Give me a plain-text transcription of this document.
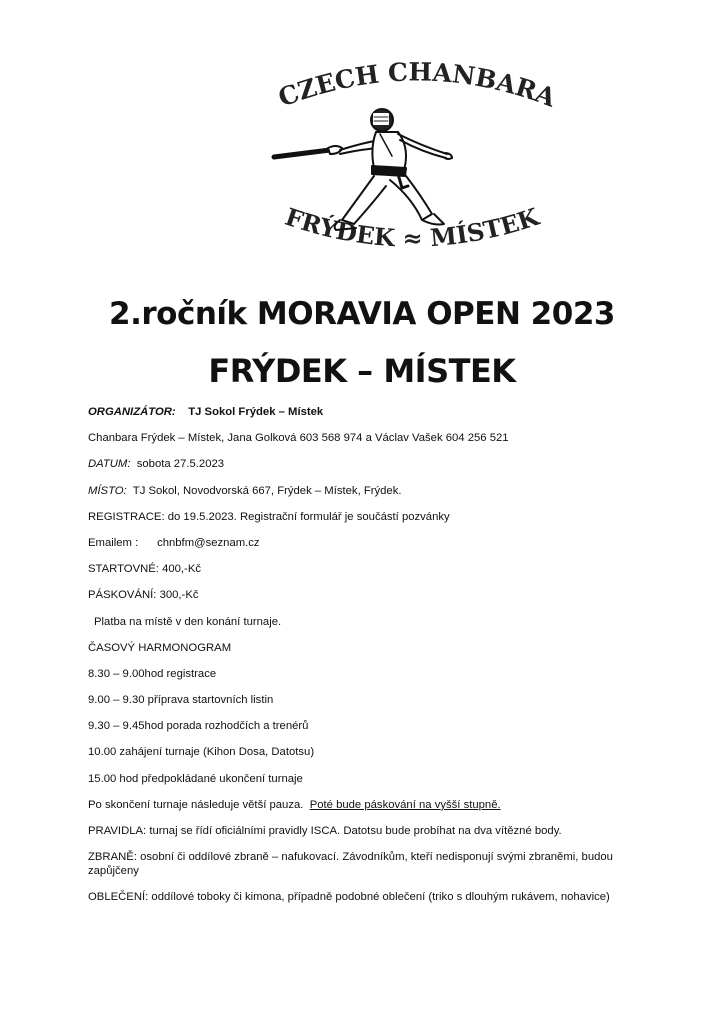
CZECH CHANBARA
FRÝDEK ≈ MÍSTEK
2.ročník MORAVIA OPEN 2023
FRÝDEK – MÍSTEK
ORGANIZÁTOR: TJ Sokol Frýdek – Místek
Chanbara Frýdek – Místek, Jana Golková 603 568 974 a Václav Vašek 604 256 521
DATUM: sobota 27.5.2023
MÍSTO: TJ Sokol, Novodvorská 667, Frýdek – Místek, Frýdek.
REGISTRACE: do 19.5.2023. Registrační formulář je součástí pozvánky
Emailem : chnbfm@seznam.cz
STARTOVNÉ: 400,-Kč
PÁSKOVÁNÍ: 300,-Kč
Platba na místě v den konání turnaje.
ČASOVÝ HARMONOGRAM
8.30 – 9.00hod registrace
9.00 – 9.30 příprava startovních listin
9.30 – 9.45hod porada rozhodčích a trenérů
10.00 zahájení turnaje (Kihon Dosa, Datotsu)
15.00 hod předpokládané ukončení turnaje
Po skončení turnaje následuje větší pauza. Poté bude páskování na vyšší stupně.
PRAVIDLA: turnaj se řídí oficiálními pravidly ISCA. Datotsu bude probíhat na dva vítězné body.
ZBRANĚ: osobní či oddílové zbraně – nafukovací. Závodníkům, kteří nedisponují svými zbraněmi, budou zapůjčeny
OBLEČENÍ: oddílové toboky či kimona, případně podobné oblečení (triko s dlouhým rukávem, nohavice)
